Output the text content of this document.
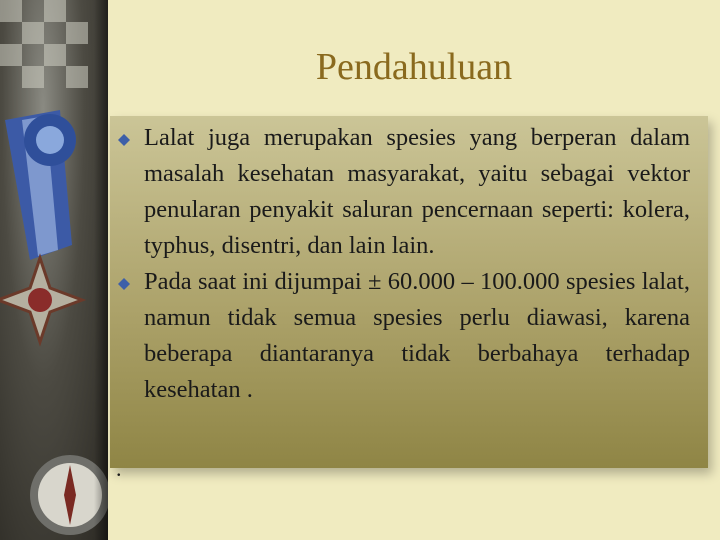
Pendahuluan
Lalat juga merupakan spesies yang berperan dalam masalah kesehatan masyarakat, yaitu sebagai vektor penularan penyakit saluran pencernaan seperti: kolera, typhus, disentri, dan lain lain.
Pada saat ini dijumpai ± 60.000 – 100.000 spesies lalat, namun tidak semua spesies perlu diawasi, karena beberapa diantaranya tidak berbahaya terhadap kesehatan .
.
